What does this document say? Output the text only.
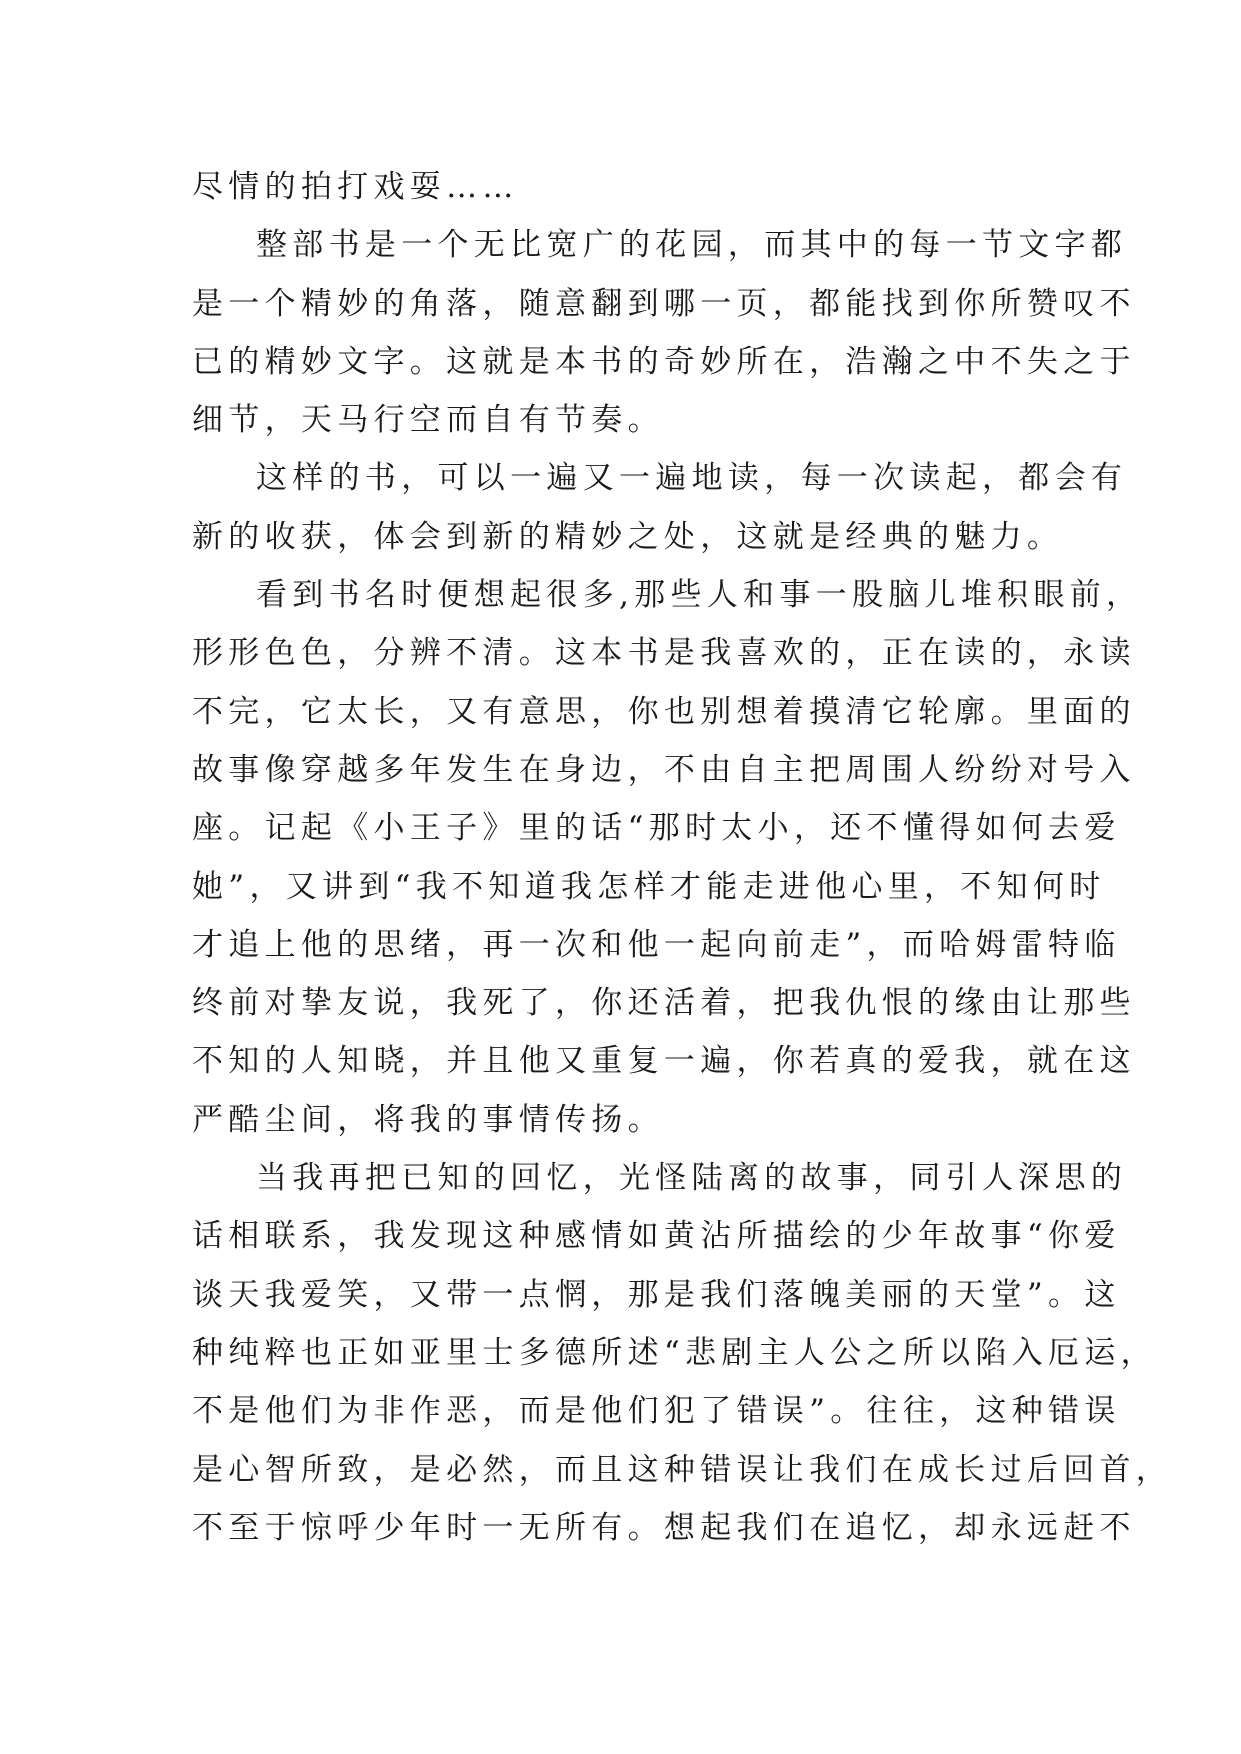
尽情的拍打戏耍……
整部书是一个无比宽广的花园，而其中的每一节文字都
是一个精妙的角落，随意翻到哪一页，都能找到你所赞叹不
已的精妙文字。这就是本书的奇妙所在，浩瀚之中不失之于
细节，天马行空而自有节奏。
这样的书，可以一遍又一遍地读，每一次读起，都会有
新的收获，体会到新的精妙之处，这就是经典的魅力。
看到书名时便想起很多,那些人和事一股脑儿堆积眼前，
形形色色，分辨不清。这本书是我喜欢的，正在读的，永读
不完，它太长，又有意思，你也别想着摸清它轮廓。里面的
故事像穿越多年发生在身边，不由自主把周围人纷纷对号入
座。记起《小王子》里的话“那时太小，还不懂得如何去爱
她”，又讲到“我不知道我怎样才能走进他心里，不知何时
才追上他的思绪，再一次和他一起向前走”，而哈姆雷特临
终前对挚友说，我死了，你还活着，把我仇恨的缘由让那些
不知的人知晓，并且他又重复一遍，你若真的爱我，就在这
严酷尘间，将我的事情传扬。
当我再把已知的回忆，光怪陆离的故事，同引人深思的
话相联系，我发现这种感情如黄沾所描绘的少年故事“你爱
谈天我爱笑，又带一点惘，那是我们落魄美丽的天堂”。这
种纯粹也正如亚里士多德所述“悲剧主人公之所以陷入厄运，
不是他们为非作恶，而是他们犯了错误”。往往，这种错误
是心智所致，是必然，而且这种错误让我们在成长过后回首，
不至于惊呼少年时一无所有。想起我们在追忆，却永远赶不
